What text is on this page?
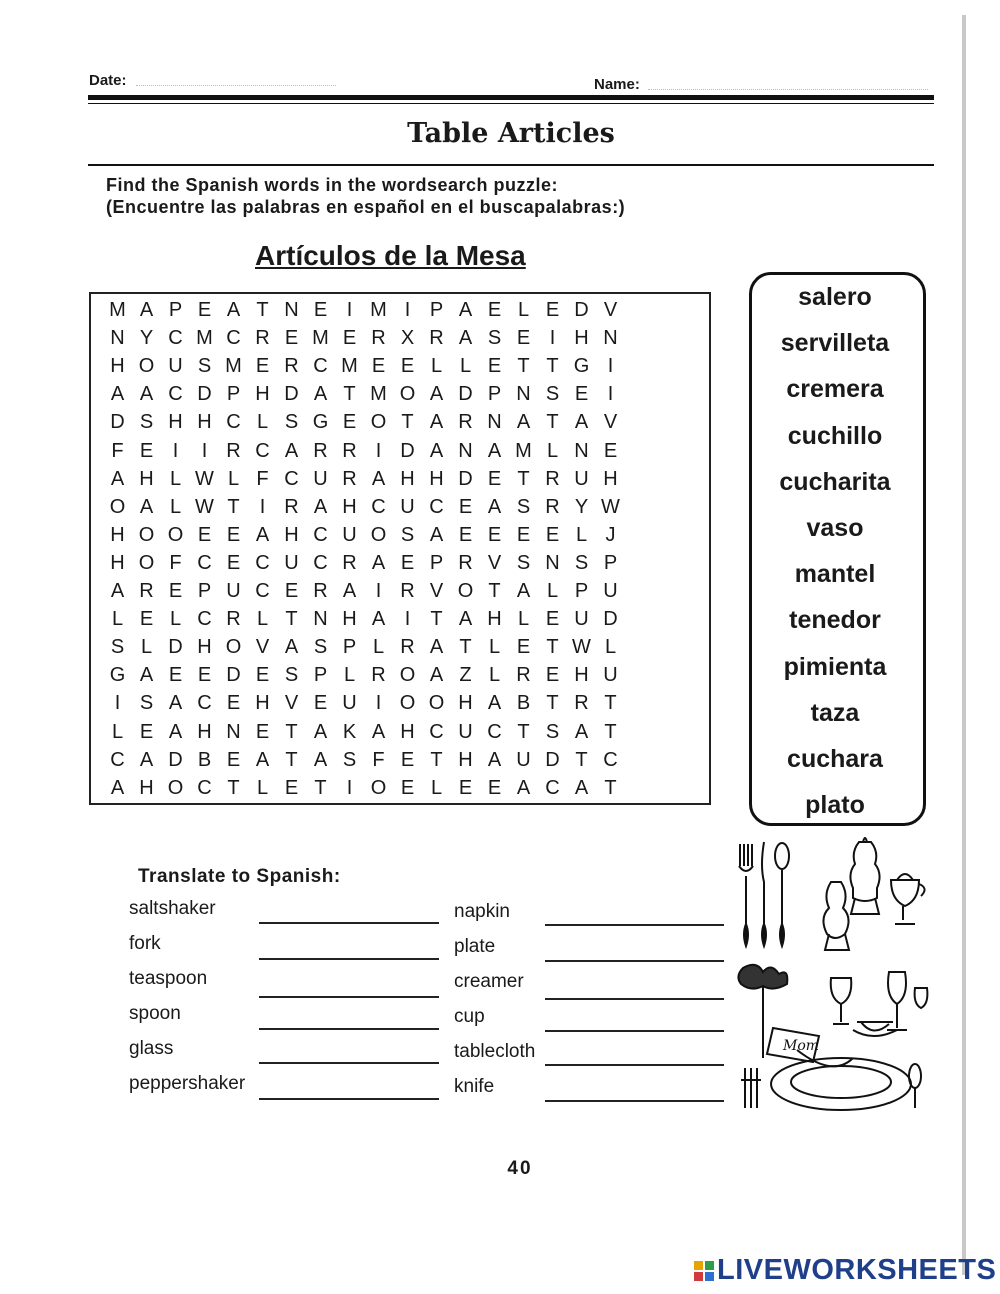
Date:	Name:
Table Articles
Find the Spanish words in the wordsearch puzzle:
(Encuentre las palabras en español en el buscapalabras:)
Artículos de la Mesa
M A P E A T N E I M I P A E L E D V
N Y C M C R E M E R X R A S E I H N
H O U S M E R C M E E L L E T T G I
A A C D P H D A T M O A D P N S E I
D S H H C L S G E O T A R N A T A V
F E I	I R C A R R I D A N A M L N E
A H L W L F C U R A H H D E T R U H
O A L W T	I R A H C U C E A S R Y W
H O O E E A H C U O S A E E E E L J
H O F C E C U C R A E P R V S N S P
A R E P U C E R A I R V O T A L P U
L E L C R L T N H A I	T A H L E U D
S L D H O V A S P L R A T L E T W L
G A E E D E S P L R O A Z L R E H U
I S A C E H V E U I O O H A B T R T
L E A H N E T A K A H C U C T S A T
C A D B E A T A S F E T H A U D T C
A H O C T L E T	I O E L E E A C A T
salero
servilleta
cremera
cuchillo
cucharita
vaso
mantel
tenedor
pimienta
taza
cuchara
plato
Translate to Spanish:
saltshaker
fork
teaspoon
spoon
glass
peppershaker
napkin
plate
creamer
cup
tablecloth
knife
Mom
40
LIVEWORKSHEETS
